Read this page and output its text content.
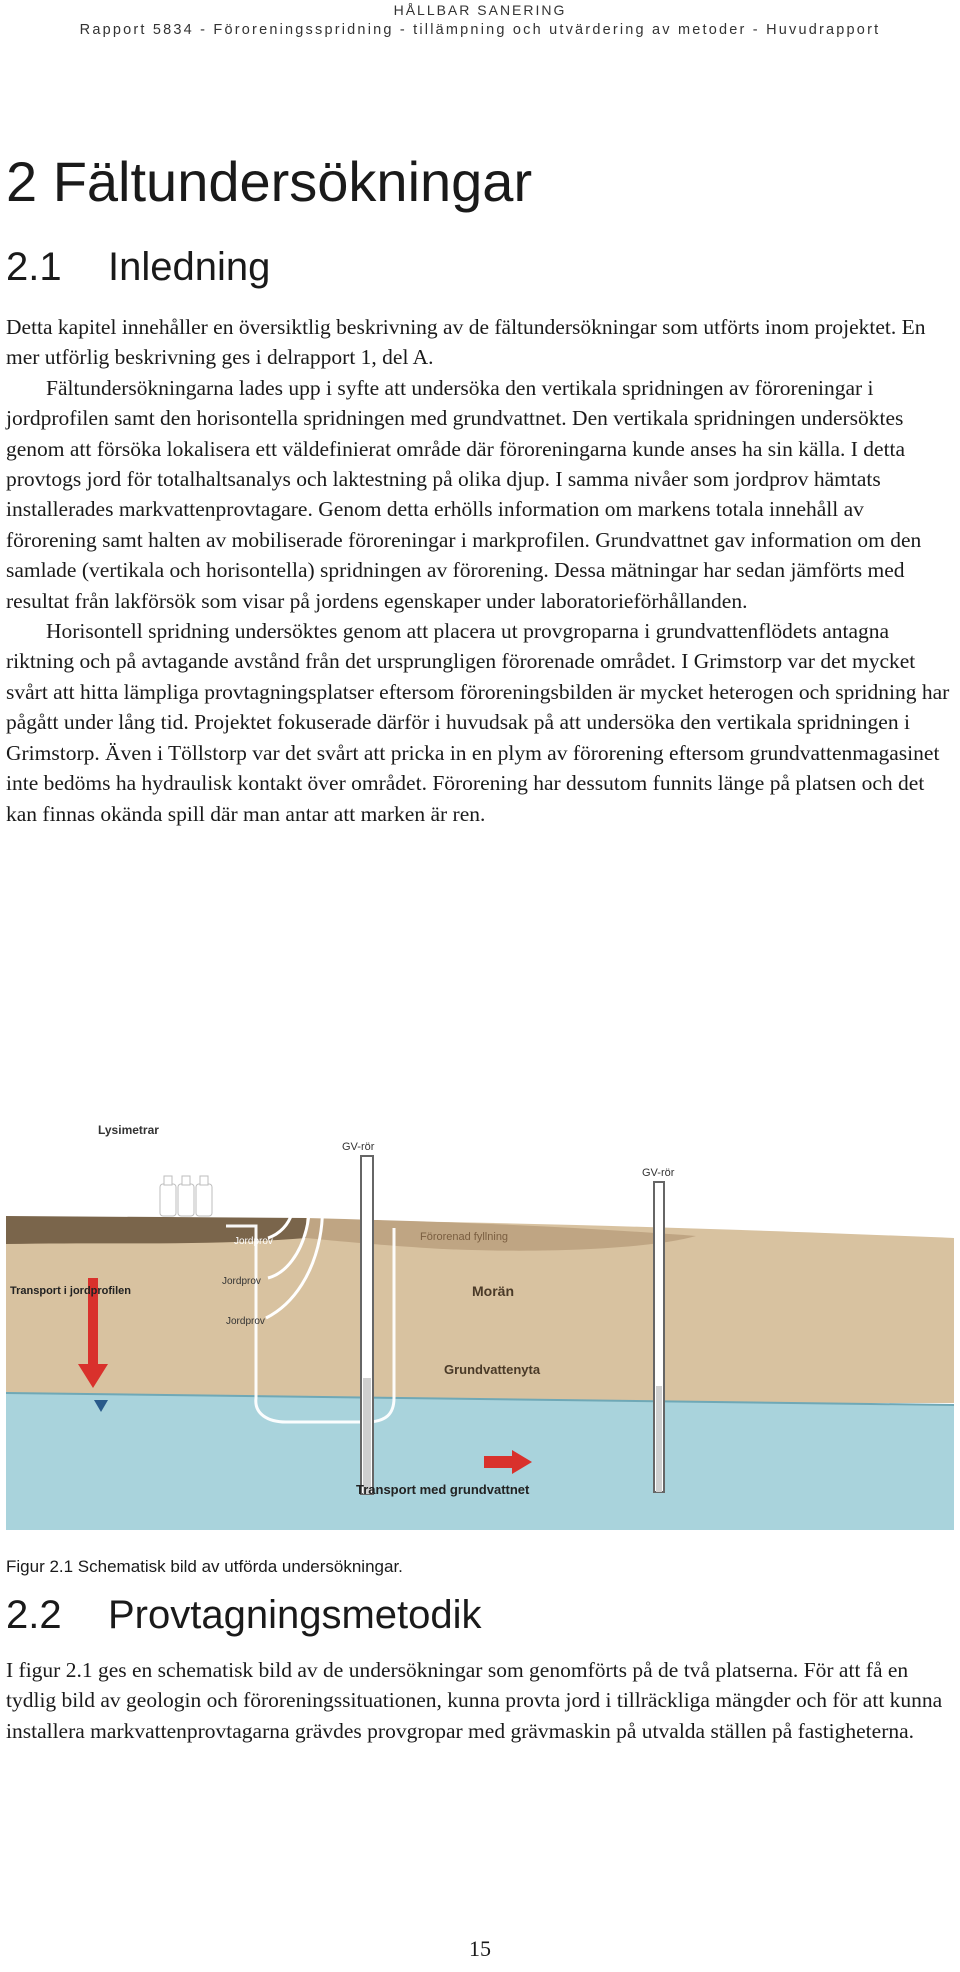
HÅLLBAR SANERING
Rapport 5834 - Föroreningsspridning - tillämpning och utvärdering av metoder - Huvudrapport
2 Fältundersökningar
2.1 Inledning

Detta kapitel innehåller en översiktlig beskrivning av de fältundersökningar som utförts inom projektet. En mer utförlig beskrivning ges i delrapport 1, del A.

Fältundersökningarna lades upp i syfte att undersöka den vertikala spridningen av föroreningar i jordprofilen samt den horisontella spridningen med grundvattnet. Den vertikala spridningen undersöktes genom att försöka lokalisera ett väldefinierat område där föroreningarna kunde anses ha sin källa. I detta provtogs jord för totalhaltsanalys och laktestning på olika djup. I samma nivåer som jordprov hämtats installerades markvattenprovtagare. Genom detta erhölls information om markens totala innehåll av förorening samt halten av mobiliserade föroreningar i markprofilen. Grundvattnet gav information om den samlade (vertikala och horisontella) spridningen av förorening. Dessa mätningar har sedan jämförts med resultat från lakförsök som visar på jordens egenskaper under laboratorieförhållanden.

Horisontell spridning undersöktes genom att placera ut provgroparna i grundvattenflödets antagna riktning och på avtagande avstånd från det ursprungligen förorenade området. I Grimstorp var det mycket svårt att hitta lämpliga provtagningsplatser eftersom föroreningsbilden är mycket heterogen och spridning har pågått under lång tid. Projektet fokuserade därför i huvudsak på att undersöka den vertikala spridningen i Grimstorp. Även i Töllstorp var det svårt att pricka in en plym av förorening eftersom grundvattenmagasinet inte bedöms ha hydraulisk kontakt över området. Förorening har dessutom funnits länge på platsen och det kan finnas okända spill där man antar att marken är ren.

Lysimetrar
GV-rör
GV-rör
Jordprov
Jordprov
Jordprov
Förorenad fyllning
Morän
Grundvattenyta
Transport i jordprofilen
Transport med grundvattnet
Figur 2.1 Schematisk bild av utförda undersökningar.
2.2 Provtagningsmetodik

I figur 2.1 ges en schematisk bild av de undersökningar som genomförts på de två platserna. För att få en tydlig bild av geologin och föroreningssituationen, kunna provta jord i tillräckliga mängder och för att kunna installera markvattenprovtagarna grävdes provgropar med grävmaskin på utvalda ställen på fastigheterna.

15
